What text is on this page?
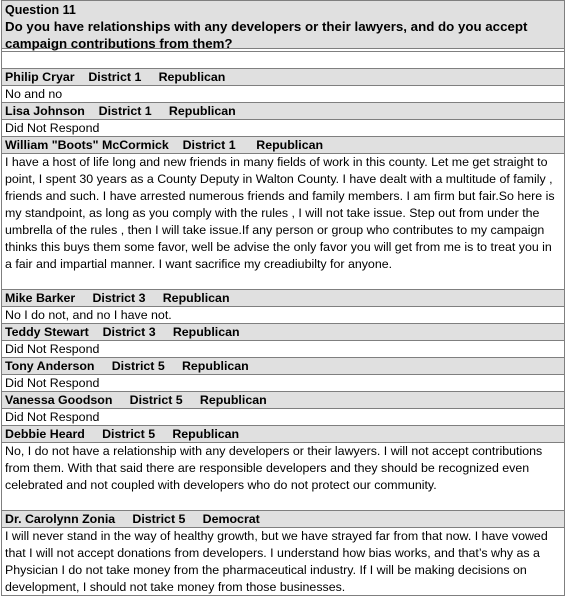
Question 11
Do you have relationships with any developers or their lawyers, and do you accept campaign contributions from them?
Philip Cryar District 1 Republican
No and no
Lisa Johnson District 1 Republican
Did Not Respond
William "Boots" McCormick District 1 Republican
I have a host of life long and new friends in many fields of work in this county. Let me get straight to point, I spent 30 years as a County Deputy in Walton County. I have dealt with a multitude of family , friends and such. I have arrested numerous friends and family members. I am firm but fair.So here is my standpoint, as long as you comply with the rules , I will not take issue. Step out from under the umbrella of the rules , then I will take issue.If any person or group who contributes to my campaign thinks this buys them some favor, well be advise the only favor you will get from me is to treat you in a fair and impartial manner. I want sacrifice my creadiubilty for anyone.
Mike Barker District 3 Republican
No I do not, and no I have not.
Teddy Stewart District 3 Republican
Did Not Respond
Tony Anderson District 5 Republican
Did Not Respond
Vanessa Goodson District 5 Republican
Did Not Respond
Debbie Heard District 5 Republican
No, I do not have a relationship with any developers or their lawyers. I will not accept contributions from them. With that said there are responsible developers and they should be recognized even celebrated and not coupled with developers who do not protect our community.
Dr. Carolynn Zonia District 5 Democrat
I will never stand in the way of healthy growth, but we have strayed far from that now. I have vowed that I will not accept donations from developers. I understand how bias works, and that’s why as a Physician I do not take money from the pharmaceutical industry. If I will be making decisions on development, I should not take money from those businesses.
